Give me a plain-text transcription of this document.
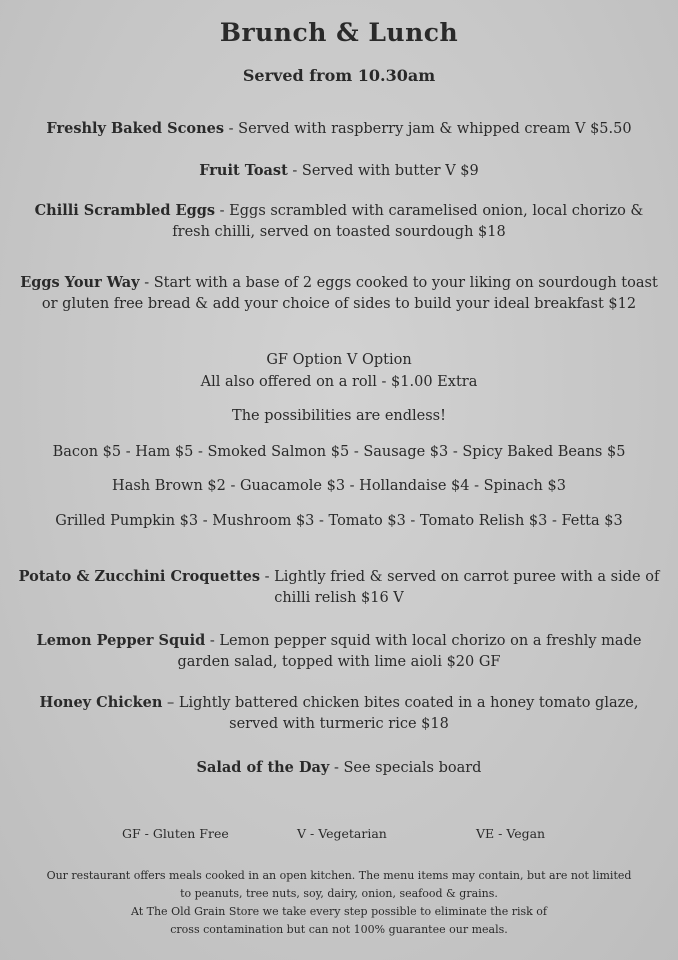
Brunch & Lunch
Served from 10.30am
Freshly Baked Scones - Served with raspberry jam & whipped cream V $5.50
Fruit Toast - Served with butter V $9
Chilli Scrambled Eggs - Eggs scrambled with caramelised onion, local chorizo & fresh chilli, served on toasted sourdough $18
Eggs Your Way - Start with a base of 2 eggs cooked to your liking on sourdough toast or gluten free bread & add your choice of sides to build your ideal breakfast $12
GF Option V Option
All also offered on a roll - $1.00 Extra
The possibilities are endless!
Bacon $5 - Ham $5 - Smoked Salmon $5 - Sausage $3 - Spicy Baked Beans $5
Hash Brown $2 - Guacamole $3 - Hollandaise $4 - Spinach $3
Grilled Pumpkin $3 - Mushroom $3 - Tomato $3 - Tomato Relish $3 - Fetta $3
Potato & Zucchini Croquettes - Lightly fried & served on carrot puree with a side of chilli relish $16 V
Lemon Pepper Squid - Lemon pepper squid with local chorizo on a freshly made garden salad, topped with lime aioli $20 GF
Honey Chicken – Lightly battered chicken bites coated in a honey tomato glaze, served with turmeric rice $18
Salad of the Day - See specials board
GF - Gluten Free	V - Vegetarian	VE - Vegan
Our restaurant offers meals cooked in an open kitchen. The menu items may contain, but are not limited
to peanuts, tree nuts, soy, dairy, onion, seafood & grains.
At The Old Grain Store we take every step possible to eliminate the risk of
cross contamination but can not 100% guarantee our meals.
